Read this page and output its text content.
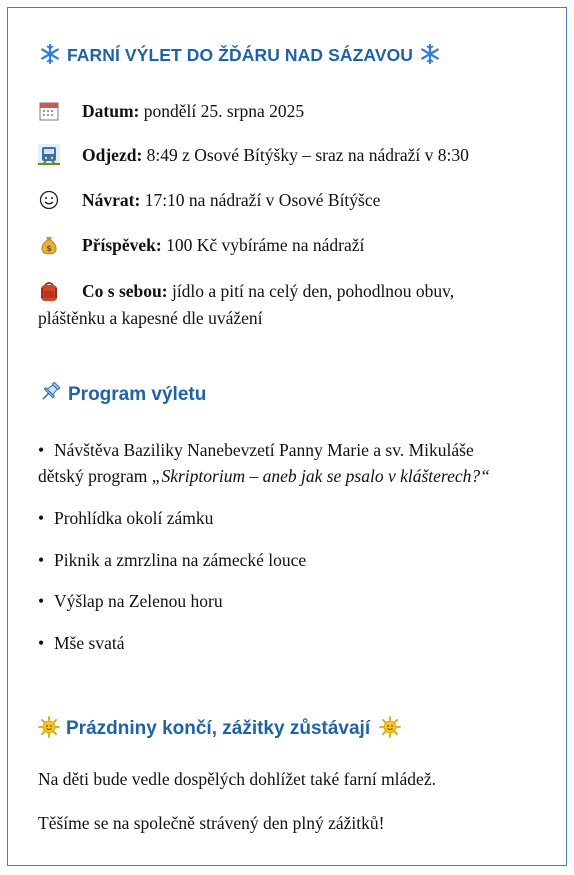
FARNÍ VÝLET DO ŽĎÁRU NAD SÁZAVOU
Datum: pondělí 25. srpna 2025
Odjezd: 8:49 z Osové Bítýšky – sraz na nádraží v 8:30
Návrat: 17:10 na nádraží v Osové Bítýšce
$ Příspěvek: 100 Kč vybíráme na nádraží
Co s sebou: jídlo a pití na celý den, pohodlnou obuv,
pláštěnku a kapesné dle uvážení
Program výletu
• Návštěva Baziliky Nanebevzetí Panny Marie a sv. Mikuláše
dětský program „Skriptorium – aneb jak se psalo v klášterech?“
• Prohlídka okolí zámku
• Piknik a zmrzlina na zámecké louce
• Výšlap na Zelenou horu
• Mše svatá
Prázdniny končí, zážitky zůstávají
Na děti bude vedle dospělých dohlížet také farní mládež.
Těšíme se na společně strávený den plný zážitků!
